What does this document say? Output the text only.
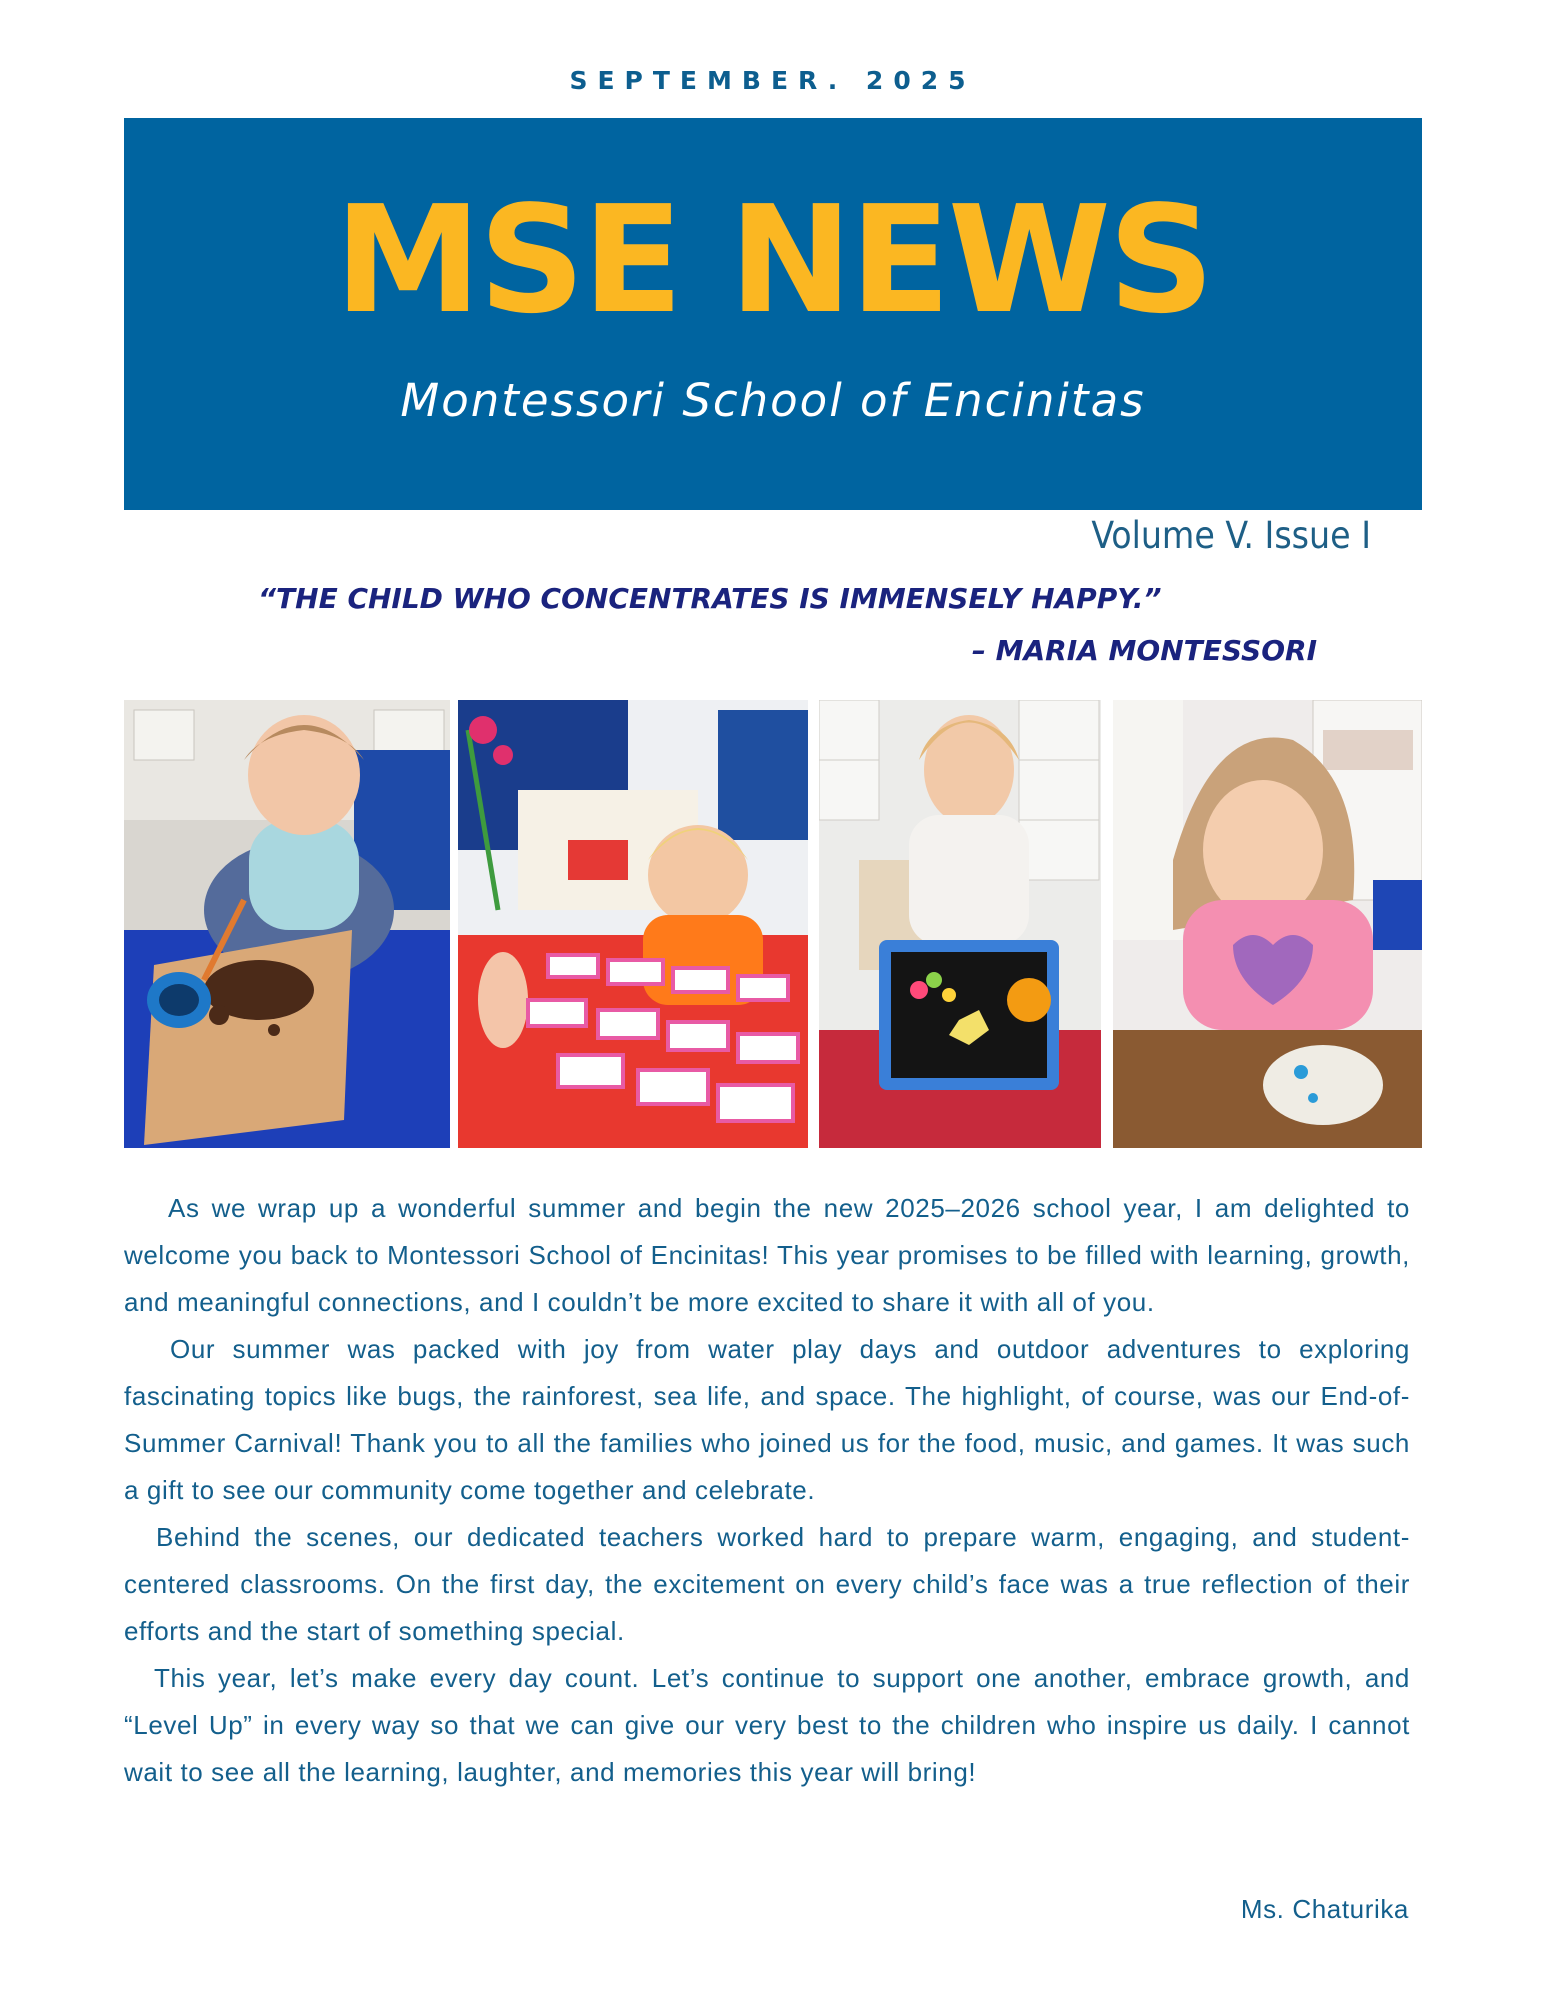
SEPTEMBER. 2025
MSE NEWS
Montessori School of Encinitas
Volume V. Issue I
“THE CHILD WHO CONCENTRATES IS IMMENSELY HAPPY.”
– MARIA MONTESSORI

As we wrap up a wonderful summer and begin the new 2025–2026 school year, I am delighted to welcome you back to Montessori School of Encinitas! This year promises to be filled with learning, growth, and meaningful connections, and I couldn’t be more excited to share it with all of you.

Our summer was packed with joy from water play days and outdoor adventures to exploring fascinating topics like bugs, the rainforest, sea life, and space. The highlight, of course, was our End-of-Summer Carnival! Thank you to all the families who joined us for the food, music, and games. It was such a gift to see our community come together and celebrate.

Behind the scenes, our dedicated teachers worked hard to prepare warm, engaging, and student-centered classrooms. On the first day, the excitement on every child’s face was a true reflection of their efforts and the start of something special.

This year, let’s make every day count. Let’s continue to support one another, embrace growth, and “Level Up” in every way so that we can give our very best to the children who inspire us daily. I cannot wait to see all the learning, laughter, and memories this year will bring!

Ms. Chaturika
